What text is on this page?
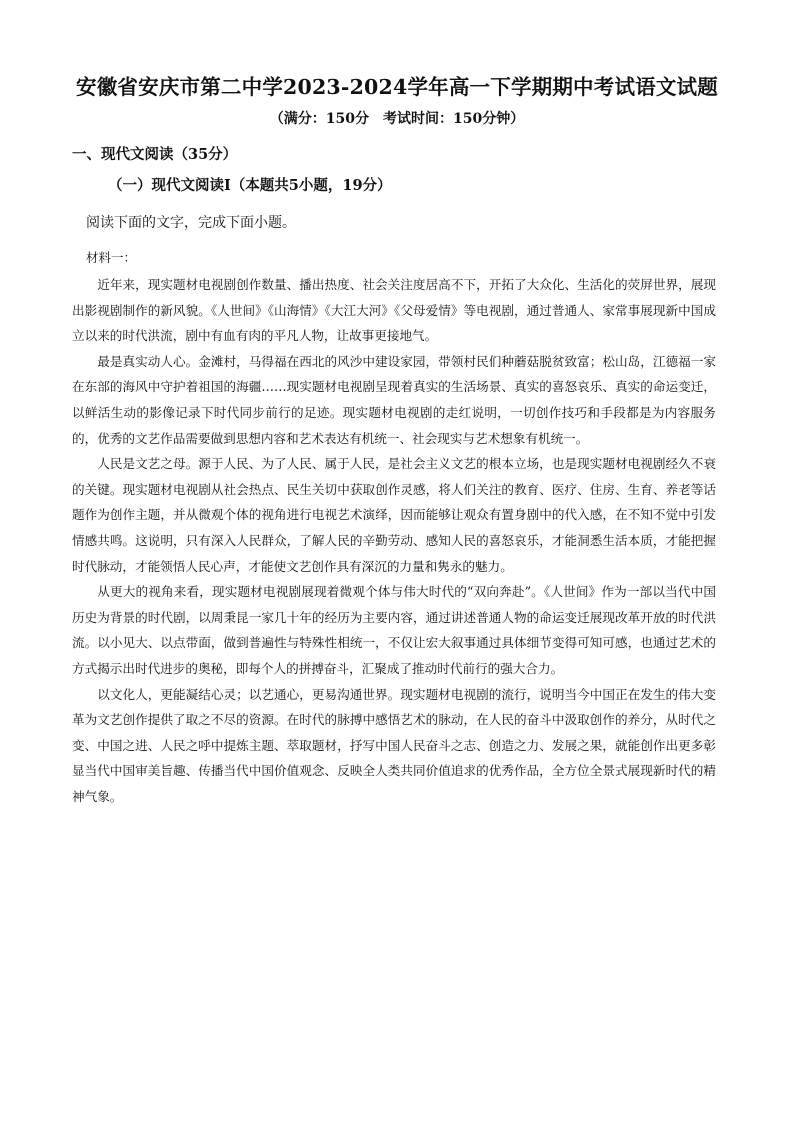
安徽省安庆市第二中学2023-2024学年高一下学期期中考试语文试题
（满分：150分　考试时间：150分钟）
一、现代文阅读（35分）
（一）现代文阅读Ⅰ（本题共5小题，19分）
阅读下面的文字，完成下面小题。
材料一：

近年来，现实题材电视剧创作数量、播出热度、社会关注度居高不下，开拓了大众化、生活化的荧屏世界，展现出影视剧制作的新风貌。《人世间》《山海情》《大江大河》《父母爱情》等电视剧，通过普通人、家常事展现新中国成立以来的时代洪流，剧中有血有肉的平凡人物，让故事更接地气。

最是真实动人心。金滩村，马得福在西北的风沙中建设家园，带领村民们种蘑菇脱贫致富；松山岛，江德福一家在东部的海风中守护着祖国的海疆……现实题材电视剧呈现着真实的生活场景、真实的喜怒哀乐、真实的命运变迁，以鲜活生动的影像记录下时代同步前行的足迹。现实题材电视剧的走红说明，一切创作技巧和手段都是为内容服务的，优秀的文艺作品需要做到思想内容和艺术表达有机统一、社会现实与艺术想象有机统一。

人民是文艺之母。源于人民、为了人民、属于人民，是社会主义文艺的根本立场，也是现实题材电视剧经久不衰的关键。现实题材电视剧从社会热点、民生关切中获取创作灵感，将人们关注的教育、医疗、住房、生育、养老等话题作为创作主题，并从微观个体的视角进行电视艺术演绎，因而能够让观众有置身剧中的代入感，在不知不觉中引发情感共鸣。这说明，只有深入人民群众，了解人民的辛勤劳动、感知人民的喜怒哀乐，才能洞悉生活本质，才能把握时代脉动，才能领悟人民心声，才能使文艺创作具有深沉的力量和隽永的魅力。

从更大的视角来看，现实题材电视剧展现着微观个体与伟大时代的“双向奔赴”。《人世间》作为一部以当代中国历史为背景的时代剧，以周秉昆一家几十年的经历为主要内容，通过讲述普通人物的命运变迁展现改革开放的时代洪流。以小见大、以点带面，做到普遍性与特殊性相统一，不仅让宏大叙事通过具体细节变得可知可感，也通过艺术的方式揭示出时代进步的奥秘，即每个人的拼搏奋斗，汇聚成了推动时代前行的强大合力。

以文化人，更能凝结心灵；以艺通心，更易沟通世界。现实题材电视剧的流行，说明当今中国正在发生的伟大变革为文艺创作提供了取之不尽的资源。在时代的脉搏中感悟艺术的脉动，在人民的奋斗中汲取创作的养分，从时代之变、中国之进、人民之呼中提炼主题、萃取题材，抒写中国人民奋斗之志、创造之力、发展之果，就能创作出更多彰显当代中国审美旨趣、传播当代中国价值观念、反映全人类共同价值追求的优秀作品，全方位全景式展现新时代的精神气象。
